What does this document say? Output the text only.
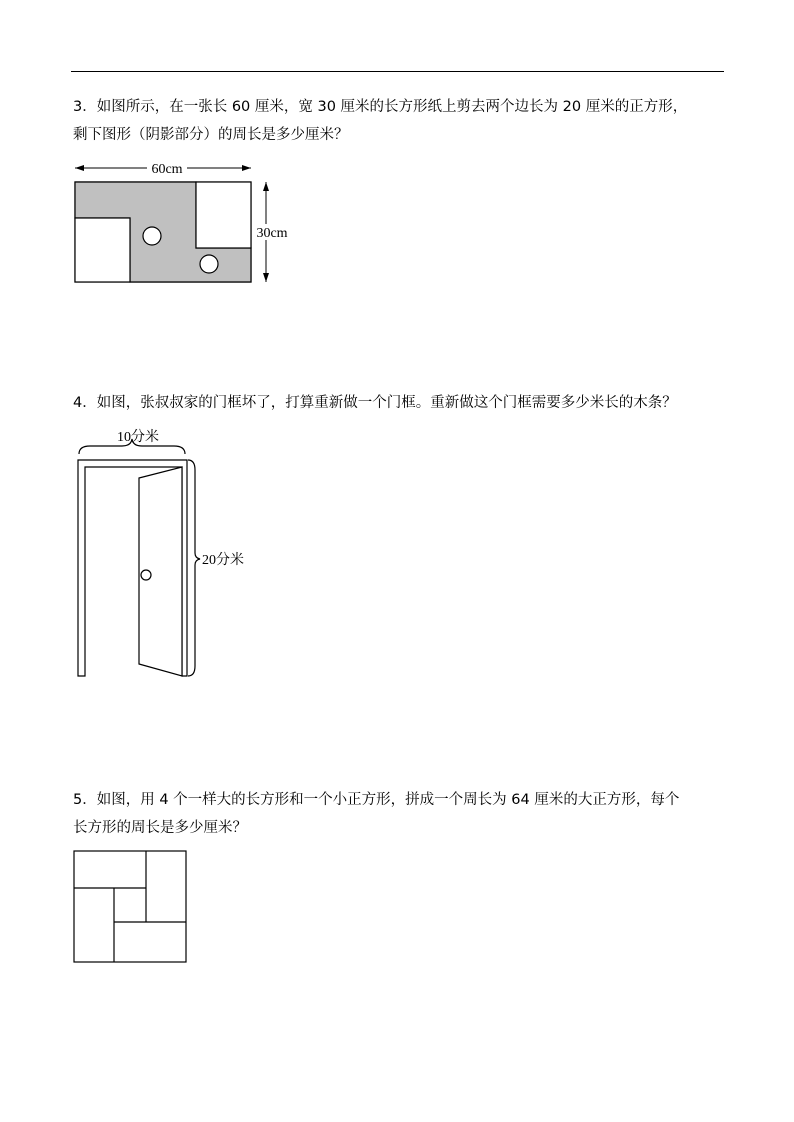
3．如图所示，在一张长 60 厘米，宽 30 厘米的长方形纸上剪去两个边长为 20 厘米的正方形，
剩下图形（阴影部分）的周长是多少厘米？

60cm
30cm

4．如图，张叔叔家的门框坏了，打算重新做一个门框。重新做这个门框需要多少米长的木条？

10分米
20分米

5．如图，用 4 个一样大的长方形和一个小正方形，拼成一个周长为 64 厘米的大正方形，每个
长方形的周长是多少厘米？
